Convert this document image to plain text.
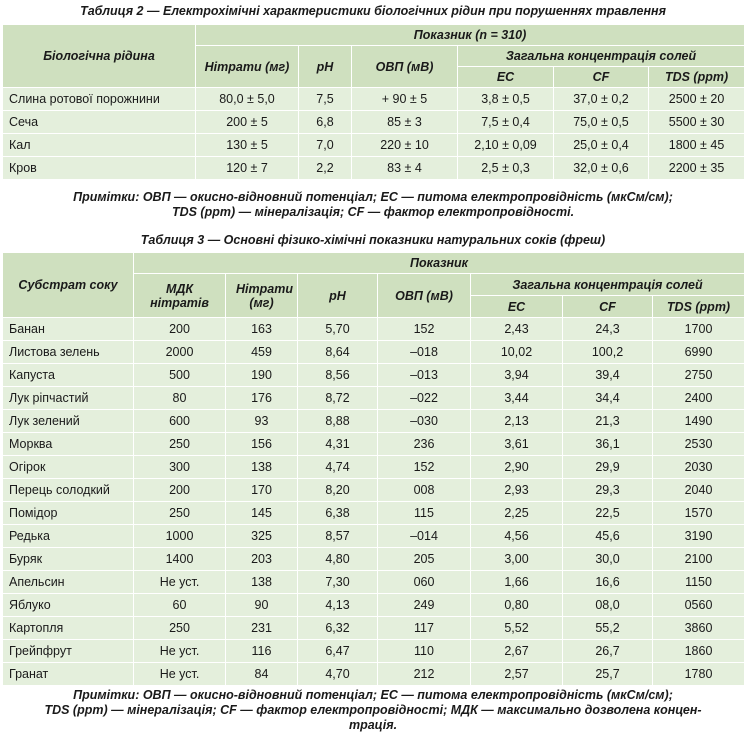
Таблиця 2 — Електрохімічні характеристики біологічних рідин при порушеннях травлення
Біологічна рідина	Показник (n = 310)					
	Нітрати (мг)	pH	ОВП (мВ)	Загальна концентрація солей		
				EC	CF	TDS (ppm)
Слина ротової порожнини	80,0 ± 5,0	7,5	+ 90 ± 5	3,8 ± 0,5	37,0 ± 0,2	2500 ± 20
Сеча	200 ± 5	6,8	85 ± 3	7,5 ± 0,4	75,0 ± 0,5	5500 ± 30
Кал	130 ± 5	7,0	220 ± 10	2,10 ± 0,09	25,0 ± 0,4	1800 ± 45
Кров	120 ± 7	2,2	83 ± 4	2,5 ± 0,3	32,0 ± 0,6	2200 ± 35
Примітки: ОВП — окисно-відновний потенціал; EC — питома електропровідність (мкСм/см);
TDS (ppm) — мінералізація; CF — фактор електропровідності.
Таблиця 3 — Основні фізико-хімічні показники натуральних соків (фреш)
Субстрат соку	Показник						
	МДК нітратів	Нітрати (мг)	pH	ОВП (мВ)	Загальна концентрація солей		
					EC	CF	TDS (ppm)
Банан	200	163	5,70	152	2,43	24,3	1700
Листова зелень	2000	459	8,64	–018	10,02	100,2	6990
Капуста	500	190	8,56	–013	3,94	39,4	2750
Лук ріпчастий	80	176	8,72	–022	3,44	34,4	2400
Лук зелений	600	93	8,88	–030	2,13	21,3	1490
Морква	250	156	4,31	236	3,61	36,1	2530
Огірок	300	138	4,74	152	2,90	29,9	2030
Перець солодкий	200	170	8,20	008	2,93	29,3	2040
Помідор	250	145	6,38	115	2,25	22,5	1570
Редька	1000	325	8,57	–014	4,56	45,6	3190
Буряк	1400	203	4,80	205	3,00	30,0	2100
Апельсин	Не уст.	138	7,30	060	1,66	16,6	1150
Яблуко	60	90	4,13	249	0,80	08,0	0560
Картопля	250	231	6,32	117	5,52	55,2	3860
Грейпфрут	Не уст.	116	6,47	110	2,67	26,7	1860
Гранат	Не уст.	84	4,70	212	2,57	25,7	1780
Примітки: ОВП — окисно-відновний потенціал; EC — питома електропровідність (мкСм/см);
TDS (ppm) — мінералізація; CF — фактор електропровідності; МДК — максимально дозволена концен-
трація.
